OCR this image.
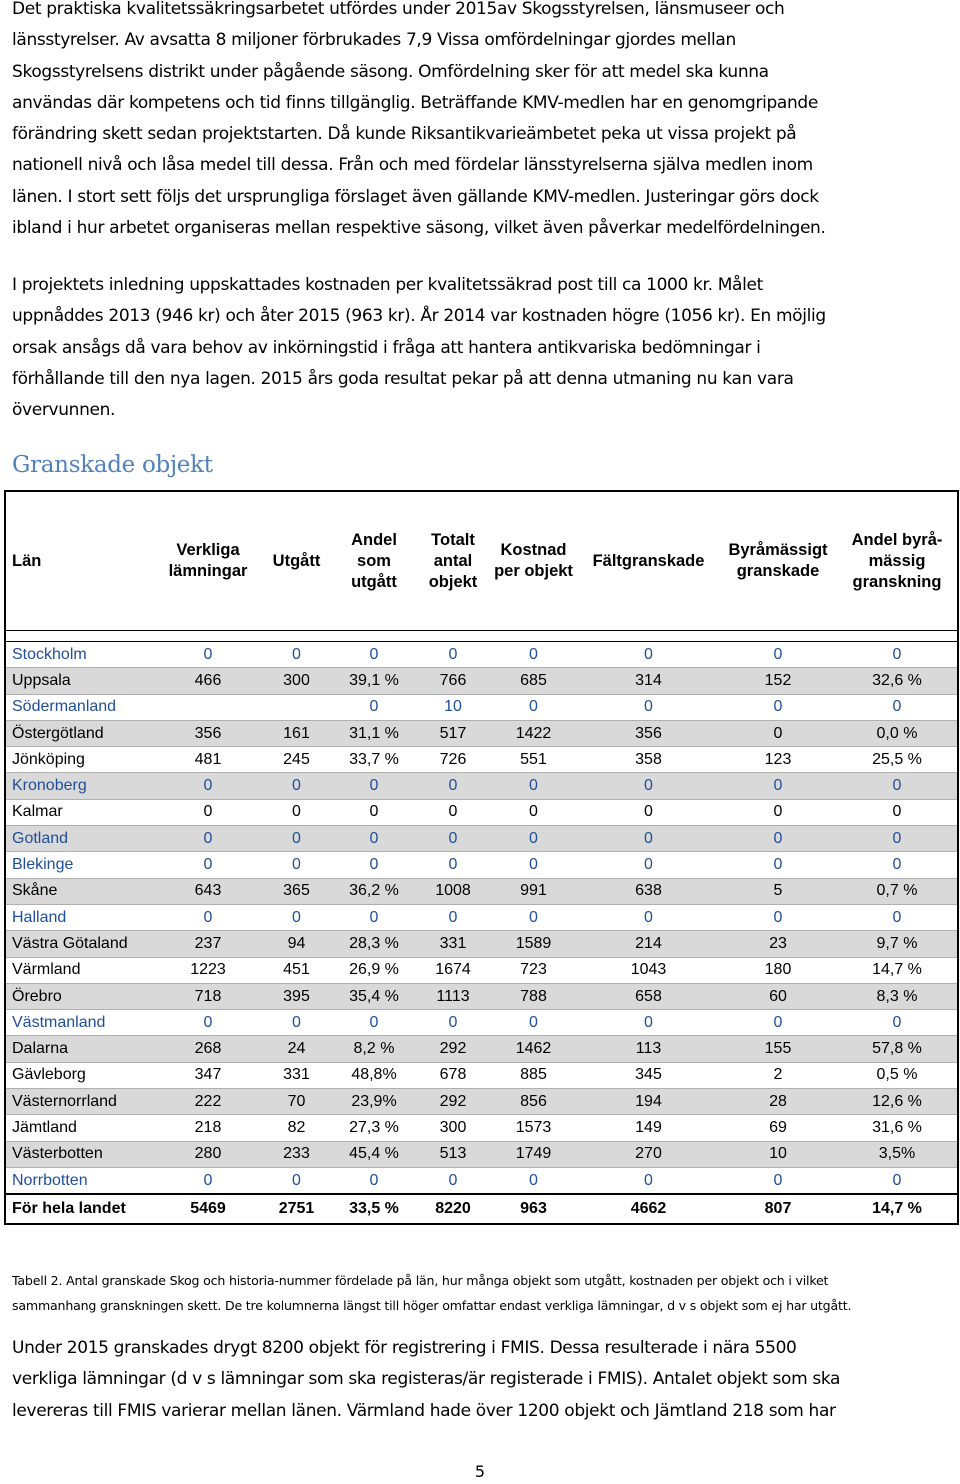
Det praktiska kvalitetssäkringsarbetet utfördes under 2015av Skogsstyrelsen, länsmuseer och
länsstyrelser. Av avsatta 8 miljoner förbrukades 7,9 Vissa omfördelningar gjordes mellan
Skogsstyrelsens distrikt under pågående säsong. Omfördelning sker för att medel ska kunna
användas där kompetens och tid finns tillgänglig. Beträffande KMV-medlen har en genomgripande
förändring skett sedan projektstarten. Då kunde Riksantikvarieämbetet peka ut vissa projekt på
nationell nivå och låsa medel till dessa. Från och med fördelar länsstyrelserna själva medlen inom
länen. I stort sett följs det ursprungliga förslaget även gällande KMV-medlen. Justeringar görs dock
ibland i hur arbetet organiseras mellan respektive säsong, vilket även påverkar medelfördelningen.

I projektets inledning uppskattades kostnaden per kvalitetssäkrad post till ca 1000 kr. Målet
uppnåddes 2013 (946 kr) och åter 2015 (963 kr). År 2014 var kostnaden högre (1056 kr). En möjlig
orsak ansågs då vara behov av inkörningstid i fråga att hantera antikvariska bedömningar i
förhållande till den nya lagen. 2015 års goda resultat pekar på att denna utmaning nu kan vara
övervunnen.

Granskade objekt
Län	Verkliga lämningar	Utgått	Andel som utgått	Totalt antal objekt	Kostnad per objekt	Fältgranskade	Byråmässigt granskade	Andel byrå-mässig granskning

Stockholm	0	0	0	0	0	0	0	0
Uppsala	466	300	39,1 %	766	685	314	152	32,6 %
Södermanland			0	10	0	0	0	0
Östergötland	356	161	31,1 %	517	1422	356	0	0,0 %
Jönköping	481	245	33,7 %	726	551	358	123	25,5 %
Kronoberg	0	0	0	0	0	0	0	0
Kalmar	0	0	0	0	0	0	0	0
Gotland	0	0	0	0	0	0	0	0
Blekinge	0	0	0	0	0	0	0	0
Skåne	643	365	36,2 %	1008	991	638	5	0,7 %
Halland	0	0	0	0	0	0	0	0
Västra Götaland	237	94	28,3 %	331	1589	214	23	9,7 %
Värmland	1223	451	26,9 %	1674	723	1043	180	14,7 %
Örebro	718	395	35,4 %	1113	788	658	60	8,3 %
Västmanland	0	0	0	0	0	0	0	0
Dalarna	268	24	8,2 %	292	1462	113	155	57,8 %
Gävleborg	347	331	48,8%	678	885	345	2	0,5 %
Västernorrland	222	70	23,9%	292	856	194	28	12,6 %
Jämtland	218	82	27,3 %	300	1573	149	69	31,6 %
Västerbotten	280	233	45,4 %	513	1749	270	10	3,5%
Norrbotten	0	0	0	0	0	0	0	0
För hela landet	5469	2751	33,5 %	8220	963	4662	807	14,7 %

Tabell 2. Antal granskade Skog och historia-nummer fördelade på län, hur många objekt som utgått, kostnaden per objekt och i vilket
sammanhang granskningen skett. De tre kolumnerna längst till höger omfattar endast verkliga lämningar, d v s objekt som ej har utgått.

Under 2015 granskades drygt 8200 objekt för registrering i FMIS. Dessa resulterade i nära 5500
verkliga lämningar (d v s lämningar som ska registeras/är registerade i FMIS). Antalet objekt som ska
levereras till FMIS varierar mellan länen. Värmland hade över 1200 objekt och Jämtland 218 som har

5
